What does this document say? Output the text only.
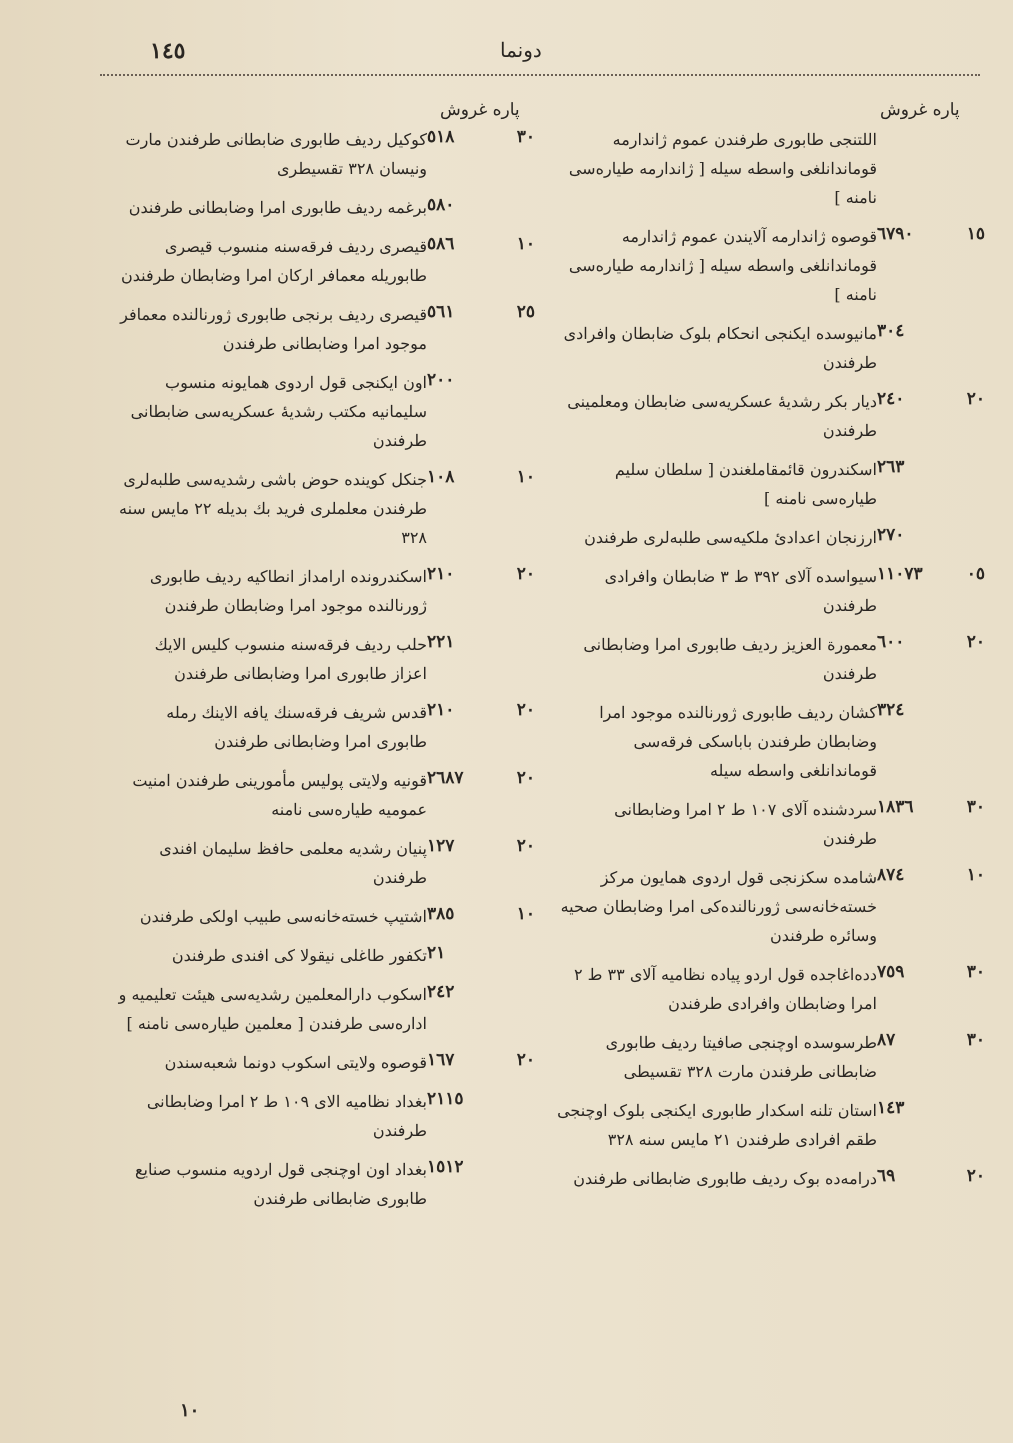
١٤٥	دونما
پاره غروش
پاره غروش
اللتنجی طابوری طرفندن عموم ژاندارمه قوماندانلغی واسطه سیله [ ژاندارمه طیاره‌سی نامنه ]
١٥
٦٧٩٠
قوصوه ژاندارمه آلایندن عموم ژاندارمه قوماندانلغی واسطه سیله [ ژاندارمه طیاره‌سی نامنه ]
٣٠٤
مانیوسده ایکنجی انحکام بلوک ضابطان وافرادی طرفندن
٢٠
٢٤٠
دیار بکر رشدیهٔ عسکریه‌سی ضابطان ومعلمینی طرفندن
٢٦٣
اسکندرون قائمقاملغندن [ سلطان سلیم طیاره‌سی نامنه ]
٢٧٠
ارزنجان اعدادیٔ ملکیه‌سی طلبه‌لری طرفندن
٠٥
١١٠٧٣
سیواسده آلای ٣٩٢ ط ٣ ضابطان وافرادی طرفندن
٢٠
٦٠٠
معمورة العزیز ردیف طابوری امرا وضابطانی طرفندن
٣٢٤
کشان ردیف طابوری ژورنالنده موجود امرا وضابطان طرفندن باباسکی فرقه‌سی قوماندانلغی واسطه سیله
٣٠
١٨٣٦
سردشنده آلای ١٠٧ ط ٢ امرا وضابطانی طرفندن
١٠
٨٧٤
شامده سکزنجی قول اردوی همایون مرکز خسته‌خانه‌سی ژورنالنده‌کی امرا وضابطان صحیه وسائره طرفندن
٣٠
٧٥٩
دده‌اغاجده قول اردو پیاده نظامیه آلای ٣٣ ط ٢ امرا وضابطان وافرادی طرفندن
٣٠
٨٧
طرسوسده اوچنجی صافیتا ردیف طابوری ضابطانی طرفندن مارت ٣٢٨ تقسیطی
١٤٣
استان تلنه اسکدار طابوری ایکنجی بلوک اوچنجی طقم افرادی طرفندن ٢١ مایس سنه ٣٢٨
٢٠
٦٩
درامه‌ده بوک ردیف طابوری ضابطانی طرفندن
٣٠
٥١٨
کوکیل ردیف طابوری ضابطانی طرفندن مارت ونیسان ٣٢٨ تقسیطری
٥٨٠
برغمه ردیف طابوری امرا وضابطانی طرفندن
١٠
٥٨٦
قیصری ردیف فرقه‌سنه منسوب قیصری طابوریله معمافر ارکان امرا وضابطان طرفندن
٢٥
٥٦١
قیصری ردیف برنجی طابوری ژورنالنده معمافر موجود امرا وضابطانی طرفندن
٢٠٠
اون ایکنجی قول اردوی همایونه منسوب سلیمانیه مکتب رشدیهٔ عسکریه‌سی ضابطانی طرفندن
١٠
١٠٨
جنکل کوینده حوض باشی رشدیه‌سی طلبه‌لری طرفندن معلملری فرید بك بدیله ٢٢ مایس سنه ٣٢٨
٢٠
٢١٠
اسکندرونده ارامداز انطاکیه ردیف طابوری ژورنالنده موجود امرا وضابطان طرفندن
٢٢١
حلب ردیف فرقه‌سنه منسوب کلیس الایك اعزاز طابوری امرا وضابطانی طرفندن
٢٠
٢١٠
قدس شریف فرقه‌سنك یافه الاینك رمله طابوری امرا وضابطانی طرفندن
٢٠
٢٦٨٧
قونیه ولایتی پولیس مأمورینی طرفندن امنیت عمومیه طیاره‌سی نامنه
٢٠
١٢٧
پنیان رشدیه معلمی حافظ سلیمان افندی طرفندن
١٠
٣٨٥
اشتیپ خسته‌خانه‌سی طبیب اولکی طرفندن
٢١
تکفور طاغلی نیقولا کی افندی طرفندن
٢٤٢
اسکوب دارالمعلمین رشدیه‌سی هیئت تعلیمیه و اداره‌سی طرفندن [ معلمین طیاره‌سی نامنه ]
٢٠
١٦٧
قوصوه ولایتی اسکوب دونما شعبه‌سندن
٢١١٥
بغداد نظامیه الای ١٠٩ ط ٢ امرا وضابطانی طرفندن
١٥١٢
بغداد اون اوچنجی قول اردویه منسوب صنایع طابوری ضابطانی طرفندن
١٠
